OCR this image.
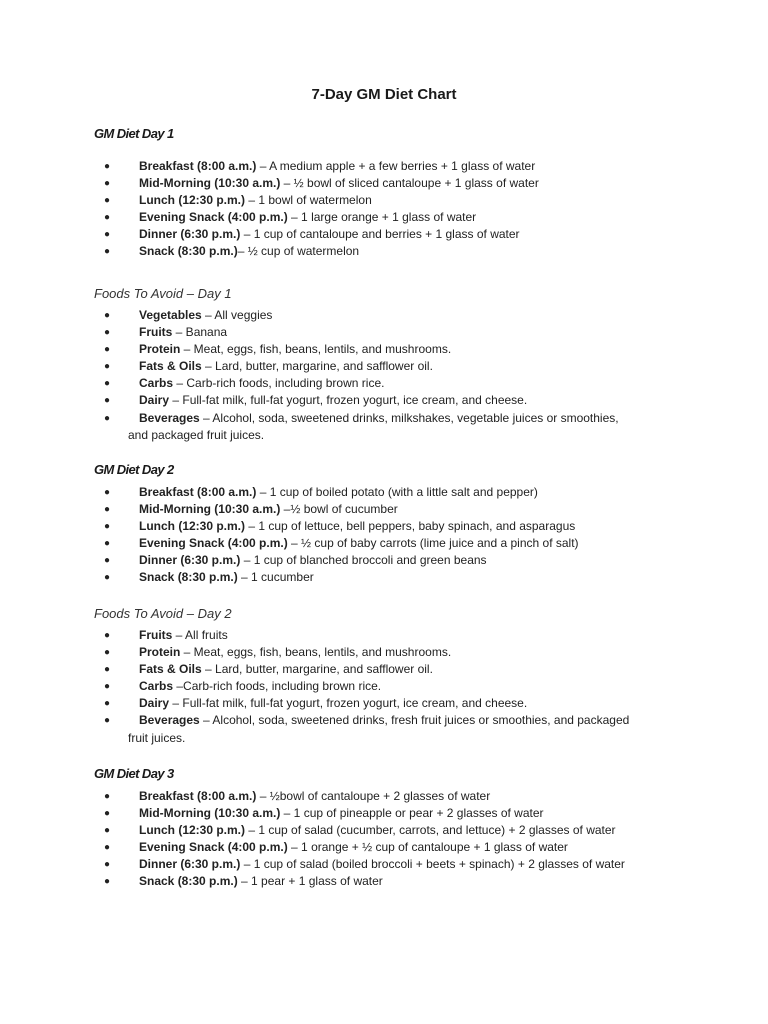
7-Day GM Diet Chart

GM Diet Day 1

● Breakfast (8:00 a.m.) – A medium apple + a few berries + 1 glass of water
● Mid-Morning (10:30 a.m.) – ½ bowl of sliced cantaloupe + 1 glass of water
● Lunch (12:30 p.m.) – 1 bowl of watermelon
● Evening Snack (4:00 p.m.) – 1 large orange + 1 glass of water
● Dinner (6:30 p.m.) – 1 cup of cantaloupe and berries + 1 glass of water
● Snack (8:30 p.m.)– ½ cup of watermelon

Foods To Avoid – Day 1

● Vegetables – All veggies
● Fruits – Banana
● Protein – Meat, eggs, fish, beans, lentils, and mushrooms.
● Fats & Oils – Lard, butter, margarine, and safflower oil.
● Carbs – Carb-rich foods, including brown rice.
● Dairy – Full-fat milk, full-fat yogurt, frozen yogurt, ice cream, and cheese.
● Beverages – Alcohol, soda, sweetened drinks, milkshakes, vegetable juices or smoothies,
and packaged fruit juices.

GM Diet Day 2

● Breakfast (8:00 a.m.) – 1 cup of boiled potato (with a little salt and pepper)
● Mid-Morning (10:30 a.m.) –½ bowl of cucumber
● Lunch (12:30 p.m.) – 1 cup of lettuce, bell peppers, baby spinach, and asparagus
● Evening Snack (4:00 p.m.) – ½ cup of baby carrots (lime juice and a pinch of salt)
● Dinner (6:30 p.m.) – 1 cup of blanched broccoli and green beans
● Snack (8:30 p.m.) – 1 cucumber

Foods To Avoid – Day 2

● Fruits – All fruits
● Protein – Meat, eggs, fish, beans, lentils, and mushrooms.
● Fats & Oils – Lard, butter, margarine, and safflower oil.
● Carbs –Carb-rich foods, including brown rice.
● Dairy – Full-fat milk, full-fat yogurt, frozen yogurt, ice cream, and cheese.
● Beverages – Alcohol, soda, sweetened drinks, fresh fruit juices or smoothies, and packaged
fruit juices.

GM Diet Day 3

● Breakfast (8:00 a.m.) – ½bowl of cantaloupe + 2 glasses of water
● Mid-Morning (10:30 a.m.) – 1 cup of pineapple or pear + 2 glasses of water
● Lunch (12:30 p.m.) – 1 cup of salad (cucumber, carrots, and lettuce) + 2 glasses of water
● Evening Snack (4:00 p.m.) – 1 orange + ½ cup of cantaloupe + 1 glass of water
● Dinner (6:30 p.m.) – 1 cup of salad (boiled broccoli + beets + spinach) + 2 glasses of water
● Snack (8:30 p.m.) – 1 pear + 1 glass of water
